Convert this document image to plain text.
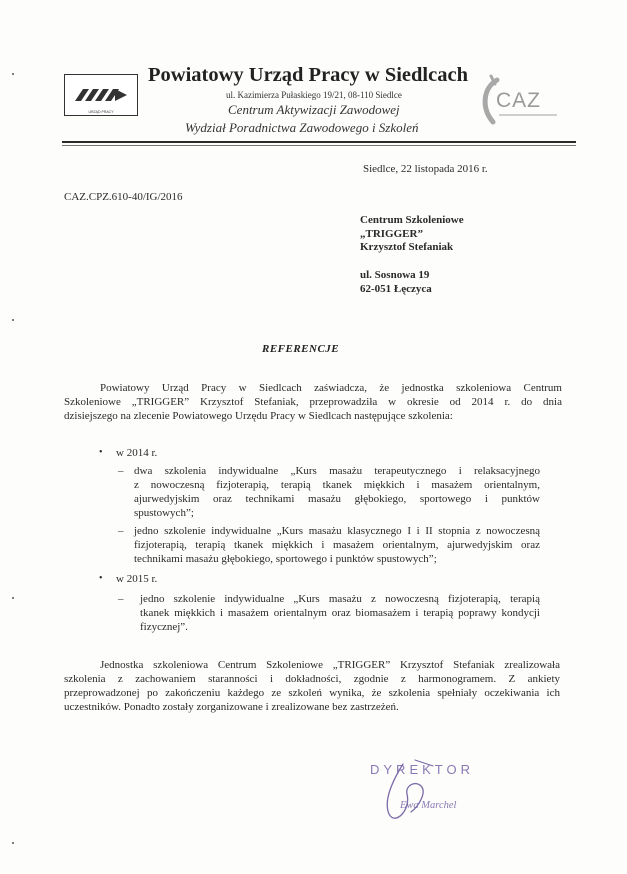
URZĄD PRACY
Powiatowy Urząd Pracy w Siedlcach
ul. Kazimierza Pułaskiego 19/21, 08-110 Siedlce
Centrum Aktywizacji Zawodowej
Wydział Poradnictwa Zawodowego i Szkoleń
CAZ
Siedlce, 22 listopada 2016 r.
CAZ.CPZ.610-40/IG/2016
Centrum Szkoleniowe
„TRIGGER”
Krzysztof Stefaniak
ul. Sosnowa 19
62-051 Łęczyca
REFERENCJE
Powiatowy Urząd Pracy w Siedlcach zaświadcza, że jednostka szkoleniowa Centrum
Szkoleniowe „TRIGGER” Krzysztof Stefaniak, przeprowadziła w okresie od 2014 r. do dnia
dzisiejszego na zlecenie Powiatowego Urzędu Pracy w Siedlcach następujące szkolenia:
• w 2014 r.
– dwa szkolenia indywidualne „Kurs masażu terapeutycznego i relaksacyjnego
z nowoczesną fizjoterapią, terapią tkanek miękkich i masażem orientalnym,
ajurwedyjskim oraz technikami masażu głębokiego, sportowego i punktów
spustowych”;
– jedno szkolenie indywidualne „Kurs masażu klasycznego I i II stopnia z nowoczesną
fizjoterapią, terapią tkanek miękkich i masażem orientalnym, ajurwedyjskim oraz
technikami masażu głębokiego, sportowego i punktów spustowych”;
• w 2015 r.
– jedno szkolenie indywidualne „Kurs masażu z nowoczesną fizjoterapią, terapią
tkanek miękkich i masażem orientalnym oraz biomasażem i terapią poprawy kondycji
fizycznej”.
Jednostka szkoleniowa Centrum Szkoleniowe „TRIGGER” Krzysztof Stefaniak zrealizowała
szkolenia z zachowaniem staranności i dokładności, zgodnie z harmonogramem. Z ankiety
przeprowadzonej po zakończeniu każdego ze szkoleń wynika, że szkolenia spełniały oczekiwania ich
uczestników. Ponadto zostały zorganizowane i zrealizowane bez zastrzeżeń.
DYREKTOR
Ewa Marchel
